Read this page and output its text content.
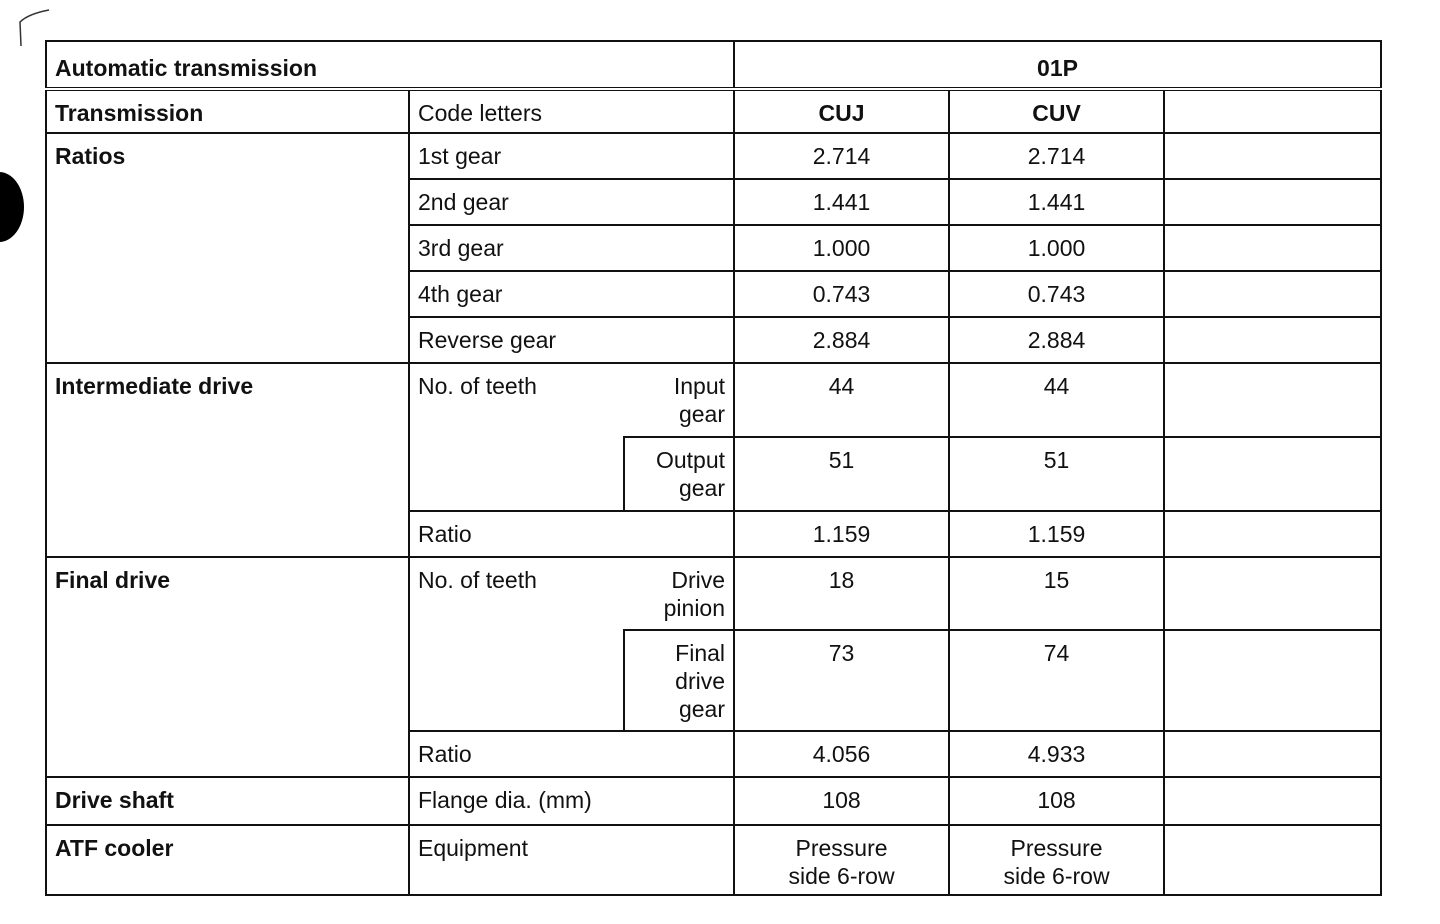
Automatic transmission			01P		
Transmission	Code letters		CUJ	CUV	
Ratios	1st gear		2.714	2.714	
	2nd gear		1.441	1.441	
	3rd gear		1.000	1.000	
	4th gear		0.743	0.743	
	Reverse gear		2.884	2.884	
Intermediate drive	No. of teeth	Input gear	44	44	
		Output gear	51	51	
	Ratio		1.159	1.159	
Final drive	No. of teeth	Drive pinion	18	15	
		Final drive gear	73	74	
	Ratio		4.056	4.933	
Drive shaft	Flange dia. (mm)		108	108	
ATF cooler	Equipment		Pressure side 6-row	Pressure side 6-row	
